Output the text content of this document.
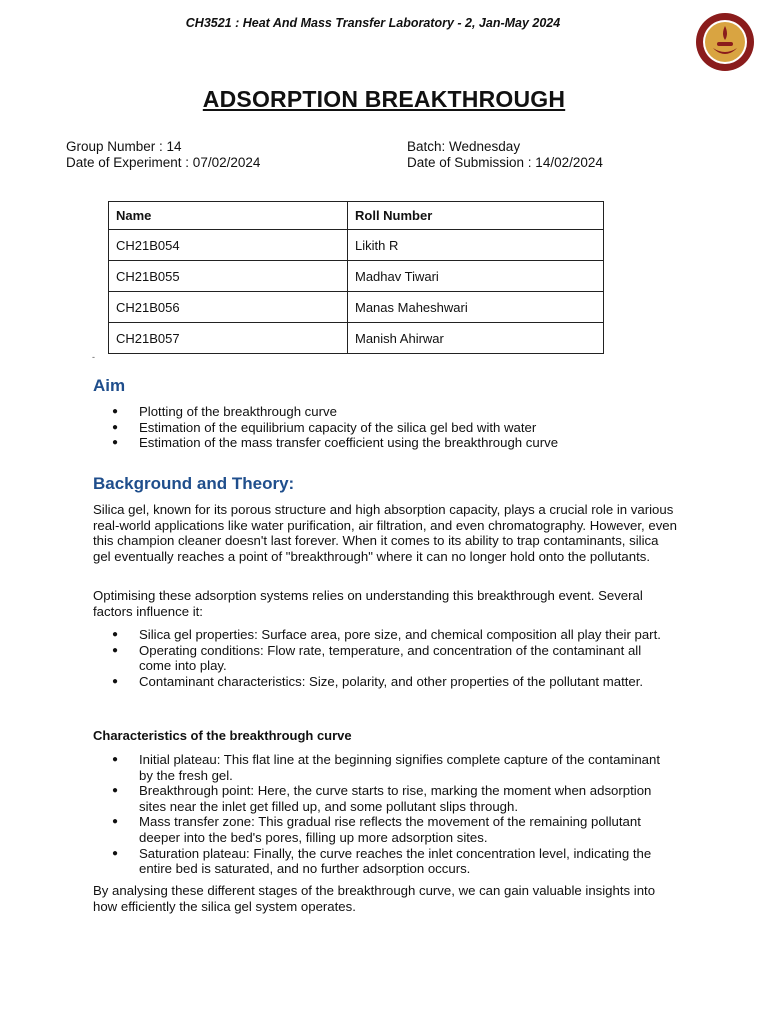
CH3521 : Heat And Mass Transfer Laboratory - 2, Jan-May 2024
ADSORPTION BREAKTHROUGH
Group Number : 14
Date of Experiment : 07/02/2024
Batch: Wednesday
Date of Submission : 14/02/2024
Name	Roll Number
CH21B054	Likith R
CH21B055	Madhav Tiwari
CH21B056	Manas Maheshwari
CH21B057	Manish Ahirwar
-
Aim
● Plotting of the breakthrough curve
● Estimation of the equilibrium capacity of the silica gel bed with water
● Estimation of the mass transfer coefficient using the breakthrough curve
Background and Theory:

Silica gel, known for its porous structure and high absorption capacity, plays a crucial role in various real-world applications like water purification, air filtration, and even chromatography. However, even this champion cleaner doesn't last forever. When it comes to its ability to trap contaminants, silica gel eventually reaches a point of "breakthrough" where it can no longer hold onto the pollutants.

Optimising these adsorption systems relies on understanding this breakthrough event. Several factors influence it:

● Silica gel properties: Surface area, pore size, and chemical composition all play their part.
● Operating conditions: Flow rate, temperature, and concentration of the contaminant all come into play.
● Contaminant characteristics: Size, polarity, and other properties of the pollutant matter.
Characteristics of the breakthrough curve
● Initial plateau: This flat line at the beginning signifies complete capture of the contaminant by the fresh gel.
● Breakthrough point: Here, the curve starts to rise, marking the moment when adsorption sites near the inlet get filled up, and some pollutant slips through.
● Mass transfer zone: This gradual rise reflects the movement of the remaining pollutant deeper into the bed's pores, filling up more adsorption sites.
● Saturation plateau: Finally, the curve reaches the inlet concentration level, indicating the entire bed is saturated, and no further adsorption occurs.

By analysing these different stages of the breakthrough curve, we can gain valuable insights into how efficiently the silica gel system operates.
